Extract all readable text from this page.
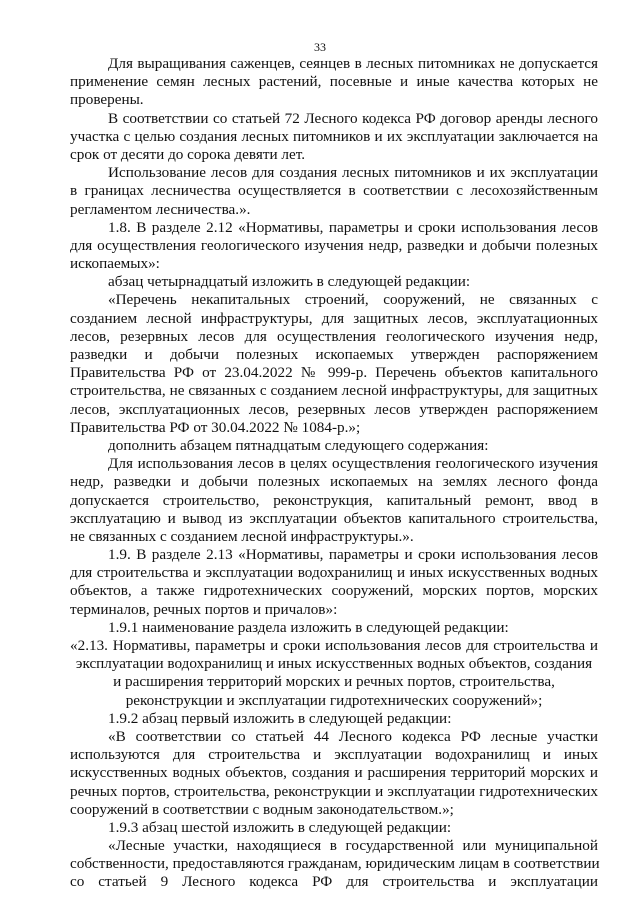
33
Для выращивания саженцев, сеянцев в лесных питомниках не допускается
применение семян лесных растений, посевные и иные качества которых не
проверены.
В соответствии со статьей 72 Лесного кодекса РФ договор аренды лесного
участка с целью создания лесных питомников и их эксплуатации заключается на
срок от десяти до сорока девяти лет.
Использование лесов для создания лесных питомников и их эксплуатации
в границах лесничества осуществляется в соответствии с лесохозяйственным
регламентом лесничества.».
1.8. В разделе 2.12 «Нормативы, параметры и сроки использования лесов
для осуществления геологического изучения недр, разведки и добычи полезных
ископаемых»:
абзац четырнадцатый изложить в следующей редакции:
«Перечень некапитальных строений, сооружений, не связанных с
созданием лесной инфраструктуры, для защитных лесов, эксплуатационных
лесов, резервных лесов для осуществления геологического изучения недр,
разведки и добычи полезных ископаемых утвержден распоряжением
Правительства РФ от 23.04.2022 № 999-р. Перечень объектов капитального
строительства, не связанных с созданием лесной инфраструктуры, для защитных
лесов, эксплуатационных лесов, резервных лесов утвержден распоряжением
Правительства РФ от 30.04.2022 № 1084-р.»;
дополнить абзацем пятнадцатым следующего содержания:
Для использования лесов в целях осуществления геологического изучения
недр, разведки и добычи полезных ископаемых на землях лесного фонда
допускается строительство, реконструкция, капитальный ремонт, ввод в
эксплуатацию и вывод из эксплуатации объектов капитального строительства,
не связанных с созданием лесной инфраструктуры.».
1.9. В разделе 2.13 «Нормативы, параметры и сроки использования лесов
для строительства и эксплуатации водохранилищ и иных искусственных водных
объектов, а также гидротехнических сооружений, морских портов, морских
терминалов, речных портов и причалов»:
1.9.1 наименование раздела изложить в следующей редакции:
«2.13. Нормативы, параметры и сроки использования лесов для строительства и
эксплуатации водохранилищ и иных искусственных водных объектов, создания
и расширения территорий морских и речных портов, строительства,
реконструкции и эксплуатации гидротехнических сооружений»;
1.9.2 абзац первый изложить в следующей редакции:
«В соответствии со статьей 44 Лесного кодекса РФ лесные участки
используются для строительства и эксплуатации водохранилищ и иных
искусственных водных объектов, создания и расширения территорий морских и
речных портов, строительства, реконструкции и эксплуатации гидротехнических
сооружений в соответствии с водным законодательством.»;
1.9.3 абзац шестой изложить в следующей редакции:
«Лесные участки, находящиеся в государственной или муниципальной
собственности, предоставляются гражданам, юридическим лицам в соответствии
со статьей 9 Лесного кодекса РФ для строительства и эксплуатации
